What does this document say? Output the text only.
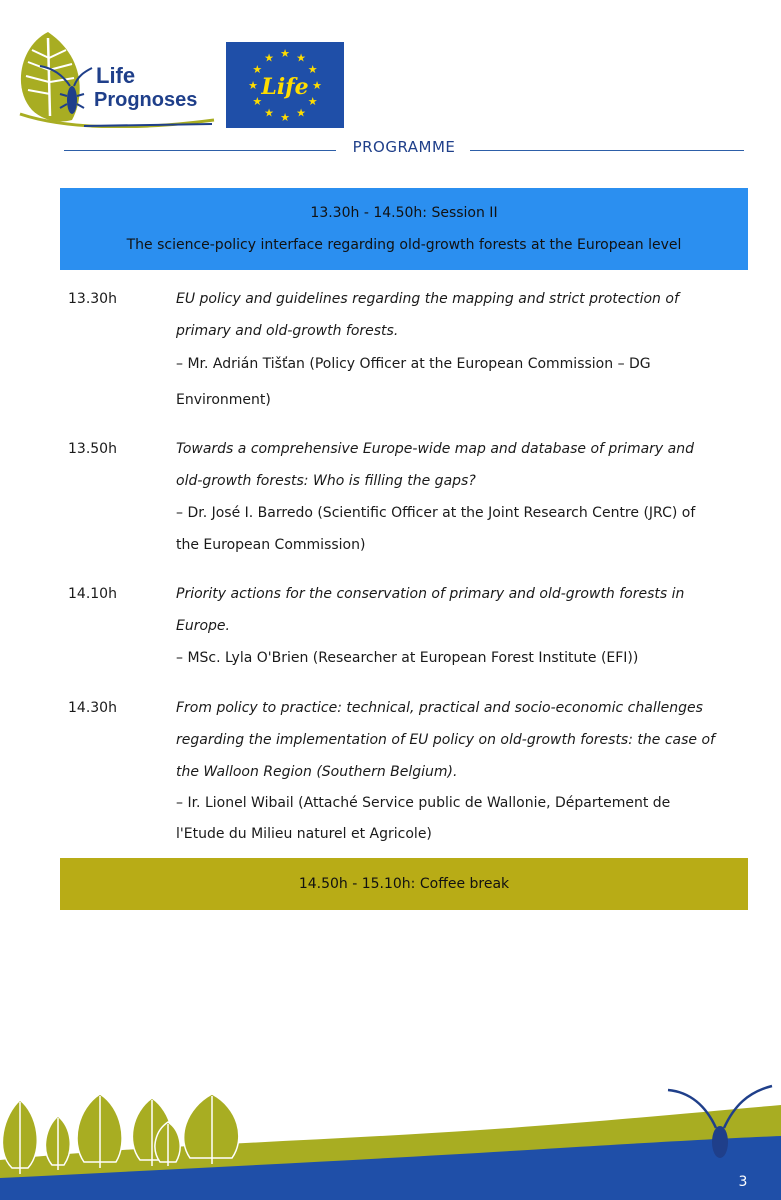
Life
Prognoses
★
★
★
★
★
★
★
★
★ ★ ★
★
Life
PROGRAMME
13.30h - 14.50h: Session II
The science-policy interface regarding old-growth forests at the European level
13.30h	EU policy and guidelines regarding the mapping and strict protection of
primary and old-growth forests.
– Mr. Adrián Tišťan (Policy Officer at the European Commission – DG
Environment)
13.50h	Towards a comprehensive Europe-wide map and database of primary and
old-growth forests: Who is filling the gaps?
– Dr. José I. Barredo (Scientific Officer at the Joint Research Centre (JRC) of
the European Commission)
14.10h	Priority actions for the conservation of primary and old-growth forests in
Europe.
– MSc. Lyla O'Brien (Researcher at European Forest Institute (EFI))
14.30h	From policy to practice: technical, practical and socio-economic challenges
regarding the implementation of EU policy on old-growth forests: the case of
the Walloon Region (Southern Belgium).
– Ir. Lionel Wibail (Attaché Service public de Wallonie, Département de
l'Etude du Milieu naturel et Agricole)
14.50h - 15.10h: Coffee break
3
